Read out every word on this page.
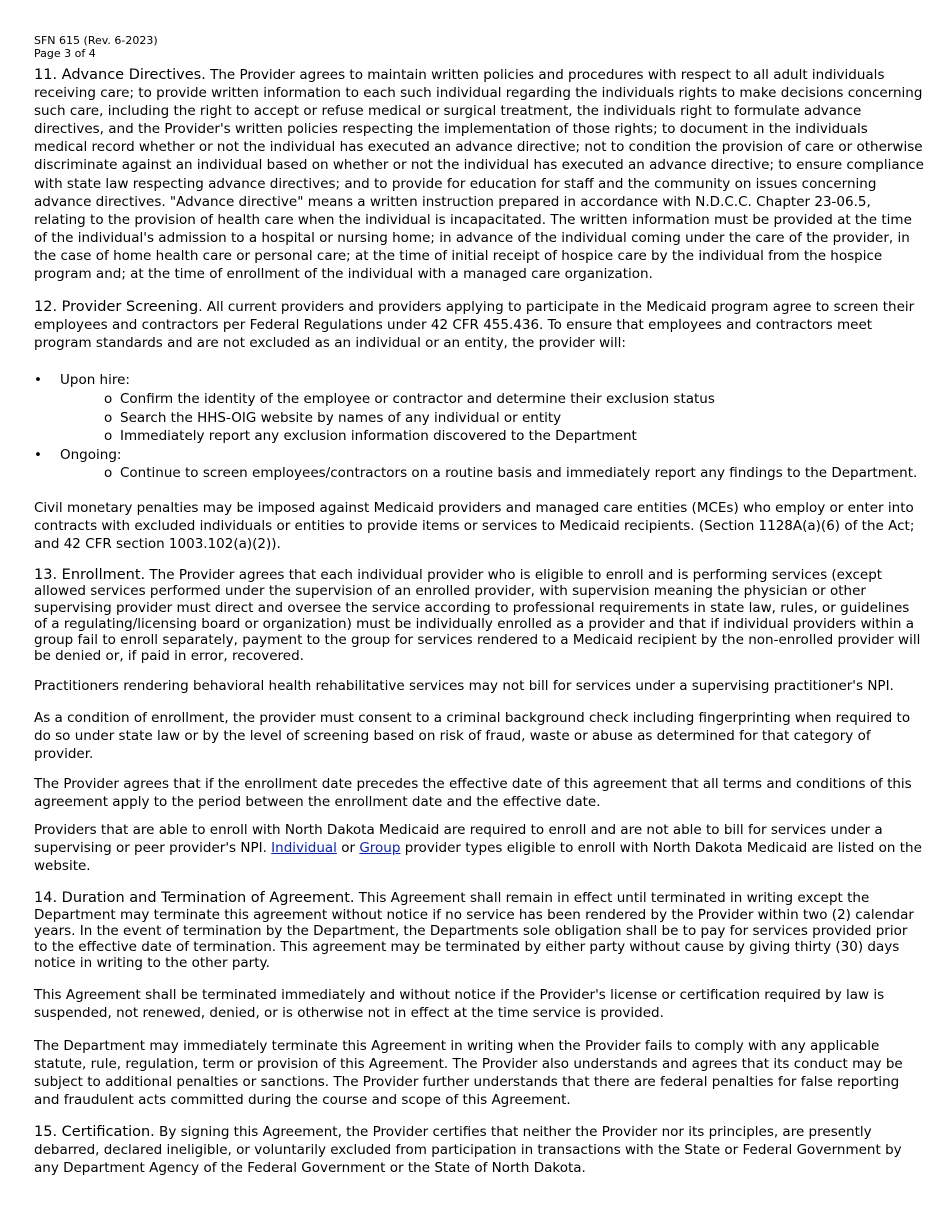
SFN 615 (Rev. 6-2023)
Page 3 of 4

11. Advance Directives. The Provider agrees to maintain written policies and procedures with respect to all adult individuals receiving care; to provide written information to each such individual regarding the individuals rights to make decisions concerning such care, including the right to accept or refuse medical or surgical treatment, the individuals right to formulate advance directives, and the Provider's written policies respecting the implementation of those rights; to document in the individuals medical record whether or not the individual has executed an advance directive; not to condition the provision of care or otherwise discriminate against an individual based on whether or not the individual has executed an advance directive; to ensure compliance with state law respecting advance directives; and to provide for education for staff and the community on issues concerning advance directives. "Advance directive" means a written instruction prepared in accordance with N.D.C.C. Chapter 23-06.5, relating to the provision of health care when the individual is incapacitated. The written information must be provided at the time of the individual's admission to a hospital or nursing home; in advance of the individual coming under the care of the provider, in the case of home health care or personal care; at the time of initial receipt of hospice care by the individual from the hospice program and; at the time of enrollment of the individual with a managed care organization.

12. Provider Screening. All current providers and providers applying to participate in the Medicaid program agree to screen their employees and contractors per Federal Regulations under 42 CFR 455.436. To ensure that employees and contractors meet program standards and are not excluded as an individual or an entity, the provider will:

• Upon hire:
o Confirm the identity of the employee or contractor and determine their exclusion status
o Search the HHS-OIG website by names of any individual or entity
o Immediately report any exclusion information discovered to the Department
• Ongoing:
o Continue to screen employees/contractors on a routine basis and immediately report any findings to the Department.

Civil monetary penalties may be imposed against Medicaid providers and managed care entities (MCEs) who employ or enter into contracts with excluded individuals or entities to provide items or services to Medicaid recipients. (Section 1128A(a)(6) of the Act; and 42 CFR section 1003.102(a)(2)).

13. Enrollment. The Provider agrees that each individual provider who is eligible to enroll and is performing services (except allowed services performed under the supervision of an enrolled provider, with supervision meaning the physician or other supervising provider must direct and oversee the service according to professional requirements in state law, rules, or guidelines of a regulating/licensing board or organization) must be individually enrolled as a provider and that if individual providers within a group fail to enroll separately, payment to the group for services rendered to a Medicaid recipient by the non-enrolled provider will be denied or, if paid in error, recovered.

Practitioners rendering behavioral health rehabilitative services may not bill for services under a supervising practitioner's NPI.

As a condition of enrollment, the provider must consent to a criminal background check including fingerprinting when required to do so under state law or by the level of screening based on risk of fraud, waste or abuse as determined for that category of provider.

The Provider agrees that if the enrollment date precedes the effective date of this agreement that all terms and conditions of this agreement apply to the period between the enrollment date and the effective date.

Providers that are able to enroll with North Dakota Medicaid are required to enroll and are not able to bill for services under a supervising or peer provider's NPI. Individual or Group provider types eligible to enroll with North Dakota Medicaid are listed on the website.

14. Duration and Termination of Agreement. This Agreement shall remain in effect until terminated in writing except the Department may terminate this agreement without notice if no service has been rendered by the Provider within two (2) calendar years. In the event of termination by the Department, the Departments sole obligation shall be to pay for services provided prior to the effective date of termination. This agreement may be terminated by either party without cause by giving thirty (30) days notice in writing to the other party.

This Agreement shall be terminated immediately and without notice if the Provider's license or certification required by law is suspended, not renewed, denied, or is otherwise not in effect at the time service is provided.

The Department may immediately terminate this Agreement in writing when the Provider fails to comply with any applicable statute, rule, regulation, term or provision of this Agreement. The Provider also understands and agrees that its conduct may be subject to additional penalties or sanctions. The Provider further understands that there are federal penalties for false reporting and fraudulent acts committed during the course and scope of this Agreement.

15. Certification. By signing this Agreement, the Provider certifies that neither the Provider nor its principles, are presently debarred, declared ineligible, or voluntarily excluded from participation in transactions with the State or Federal Government by any Department Agency of the Federal Government or the State of North Dakota.
